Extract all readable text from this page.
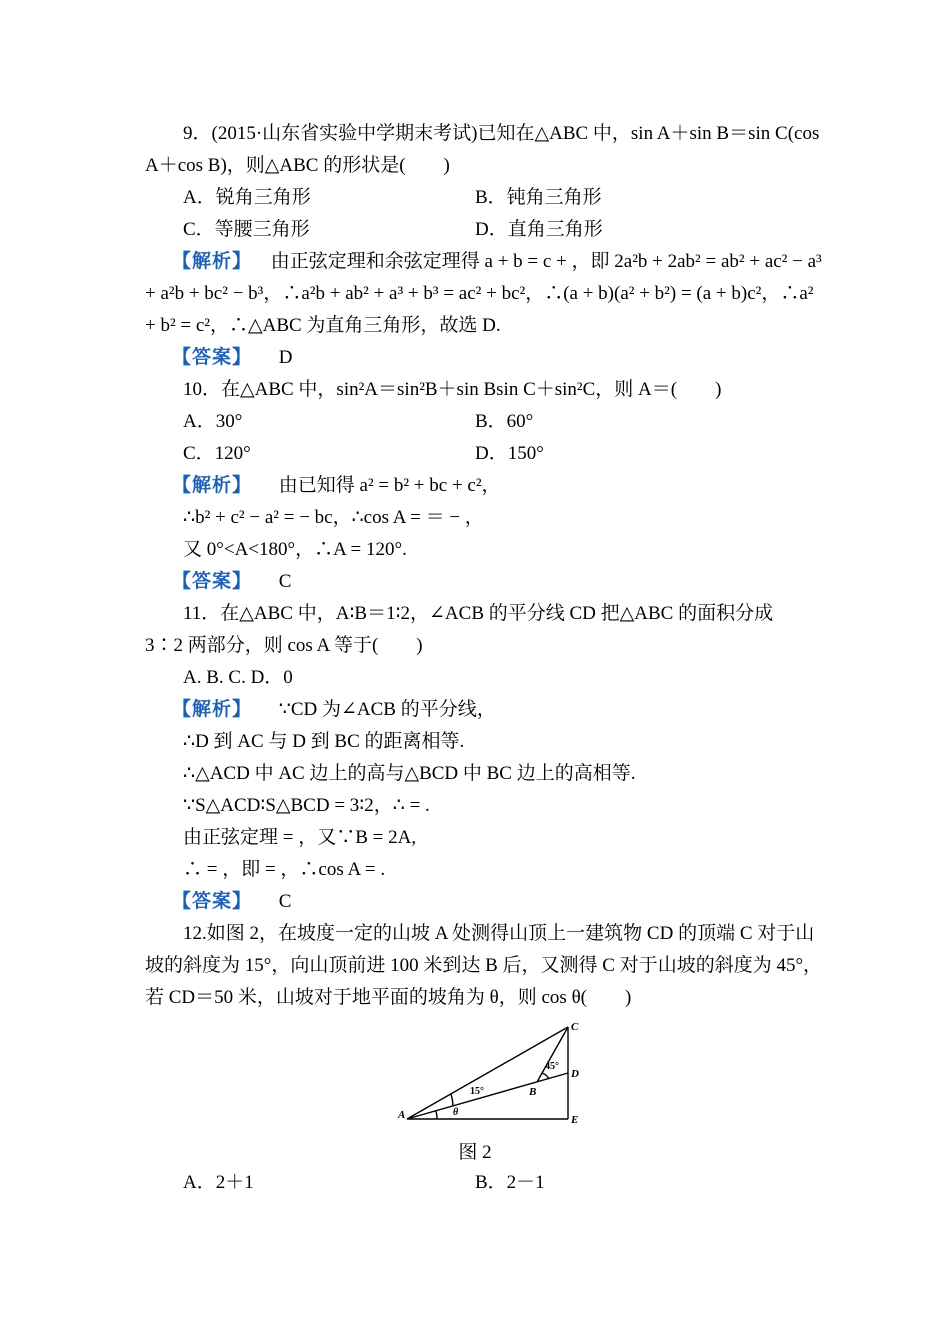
9．(2015·山东省实验中学期末考试)已知在△ABC 中，sin A＋sin B＝sin C(cos
A＋cos B)，则△ABC 的形状是(　　)
A．锐角三角形	B．钝角三角形
C．等腰三角形	D．直角三角形
【解析】 由正弦定理和余弦定理得 a + b = c + ，即 2a²b + 2ab² = ab² + ac² − a³
+ a²b + bc² − b³，∴a²b + ab² + a³ + b³ = ac² + bc²，∴(a + b)(a² + b²) = (a + b)c²，∴a²
+ b² = c²，∴△ABC 为直角三角形，故选 D.
【答案】 D
10．在△ABC 中，sin²A＝sin²B＋sin Bsin C＋sin²C，则 A＝(　　)
A．30°	B．60°
C．120°	D．150°
【解析】 由已知得 a² = b² + bc + c²，
∴b² + c² − a² = − bc，∴cos A = ＝ − ，
又 0°<A<180°，∴A = 120°.
【答案】 C
11．在△ABC 中，A∶B＝1∶2，∠ACB 的平分线 CD 把△ABC 的面积分成
3∶2 两部分，则 cos A 等于(　　)
A. B. C. D．0
【解析】 ∵CD 为∠ACB 的平分线，
∴D 到 AC 与 D 到 BC 的距离相等.
∴△ACD 中 AC 边上的高与△BCD 中 BC 边上的高相等.
∵S△ACD∶S△BCD = 3∶2，∴ = .
由正弦定理 = ，又∵B = 2A,
∴ = ，即 = ，∴cos A = .
【答案】 C
12.如图 2，在坡度一定的山坡 A 处测得山顶上一建筑物 CD 的顶端 C 对于山
坡的斜度为 15°，向山顶前进 100 米到达 B 后，又测得 C 对于山坡的斜度为 45°，
若 CD＝50 米，山坡对于地平面的坡角为 θ，则 cos θ(　　)
A
B
C
D
E
15°
45°
θ
图 2
A．2＋1	B．2－1
